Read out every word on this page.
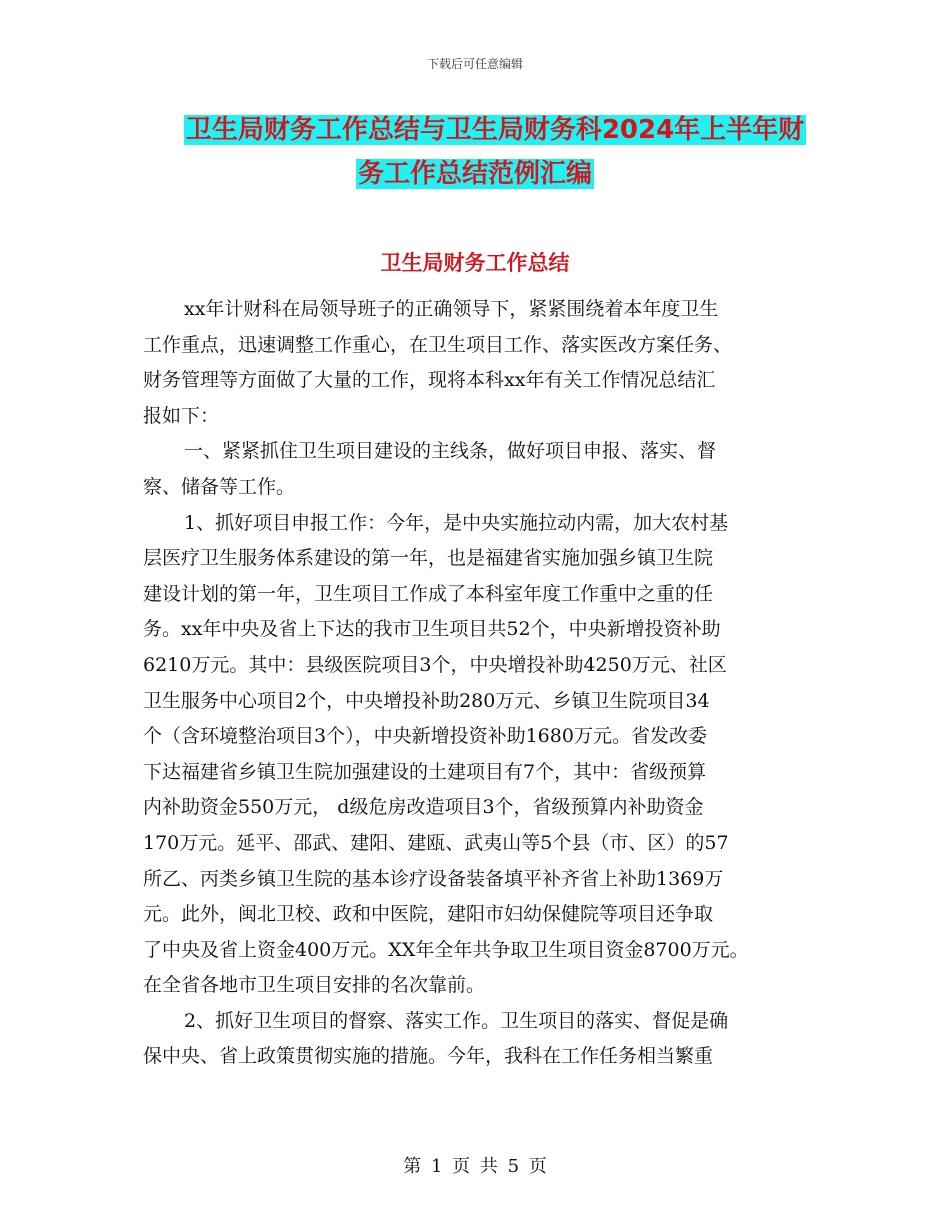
下载后可任意编辑
卫生局财务工作总结与卫生局财务科2024年上半年财
务工作总结范例汇编
卫生局财务工作总结
xx年计财科在局领导班子的正确领导下，紧紧围绕着本年度卫生
工作重点，迅速调整工作重心，在卫生项目工作、落实医改方案任务、
财务管理等方面做了大量的工作，现将本科xx年有关工作情况总结汇
报如下：
一、紧紧抓住卫生项目建设的主线条，做好项目申报、落实、督
察、储备等工作。
1、抓好项目申报工作：今年，是中央实施拉动内需，加大农村基
层医疗卫生服务体系建设的第一年，也是福建省实施加强乡镇卫生院
建设计划的第一年，卫生项目工作成了本科室年度工作重中之重的任
务。xx年中央及省上下达的我市卫生项目共52个，中央新增投资补助
6210万元。其中：县级医院项目3个，中央增投补助4250万元、社区
卫生服务中心项目2个，中央增投补助280万元、乡镇卫生院项目34
个（含环境整治项目3个），中央新增投资补助1680万元。省发改委
下达福建省乡镇卫生院加强建设的土建项目有7个，其中：省级预算
内补助资金550万元， d级危房改造项目3个，省级预算内补助资金
170万元。延平、邵武、建阳、建瓯、武夷山等5个县（市、区）的57
所乙、丙类乡镇卫生院的基本诊疗设备装备填平补齐省上补助1369万
元。此外，闽北卫校、政和中医院，建阳市妇幼保健院等项目还争取
了中央及省上资金400万元。XX年全年共争取卫生项目资金8700万元。
在全省各地市卫生项目安排的名次靠前。
2、抓好卫生项目的督察、落实工作。卫生项目的落实、督促是确
保中央、省上政策贯彻实施的措施。今年，我科在工作任务相当繁重
第 1 页 共 5 页
